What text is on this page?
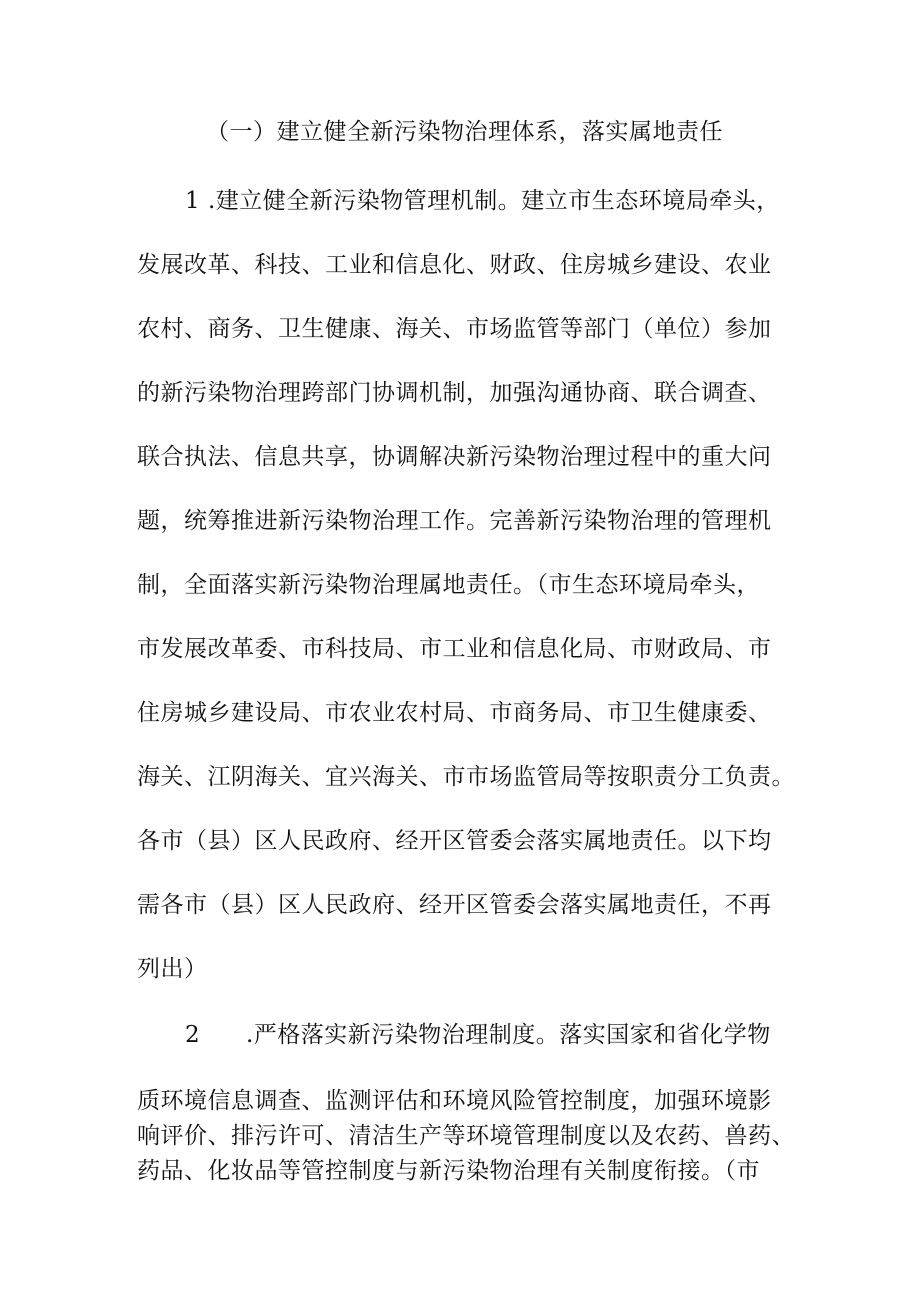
（一）建立健全新污染物治理体系，落实属地责任
1 .建立健全新污染物管理机制。建立市生态环境局牵头，
发展改革、科技、工业和信息化、财政、住房城乡建设、农业
农村、商务、卫生健康、海关、市场监管等部门（单位）参加
的新污染物治理跨部门协调机制，加强沟通协商、联合调查、
联合执法、信息共享，协调解决新污染物治理过程中的重大问
题，统筹推进新污染物治理工作。完善新污染物治理的管理机
制，全面落实新污染物治理属地责任。（市生态环境局牵头，
市发展改革委、市科技局、市工业和信息化局、市财政局、市
住房城乡建设局、市农业农村局、市商务局、市卫生健康委、
海关、江阴海关、宜兴海关、市市场监管局等按职责分工负责。
各市（县）区人民政府、经开区管委会落实属地责任。以下均
需各市（县）区人民政府、经开区管委会落实属地责任，不再
列出）
2 .严格落实新污染物治理制度。落实国家和省化学物
质环境信息调查、监测评估和环境风险管控制度，加强环境影
响评价、排污许可、清洁生产等环境管理制度以及农药、兽药、
药品、化妆品等管控制度与新污染物治理有关制度衔接。（市
